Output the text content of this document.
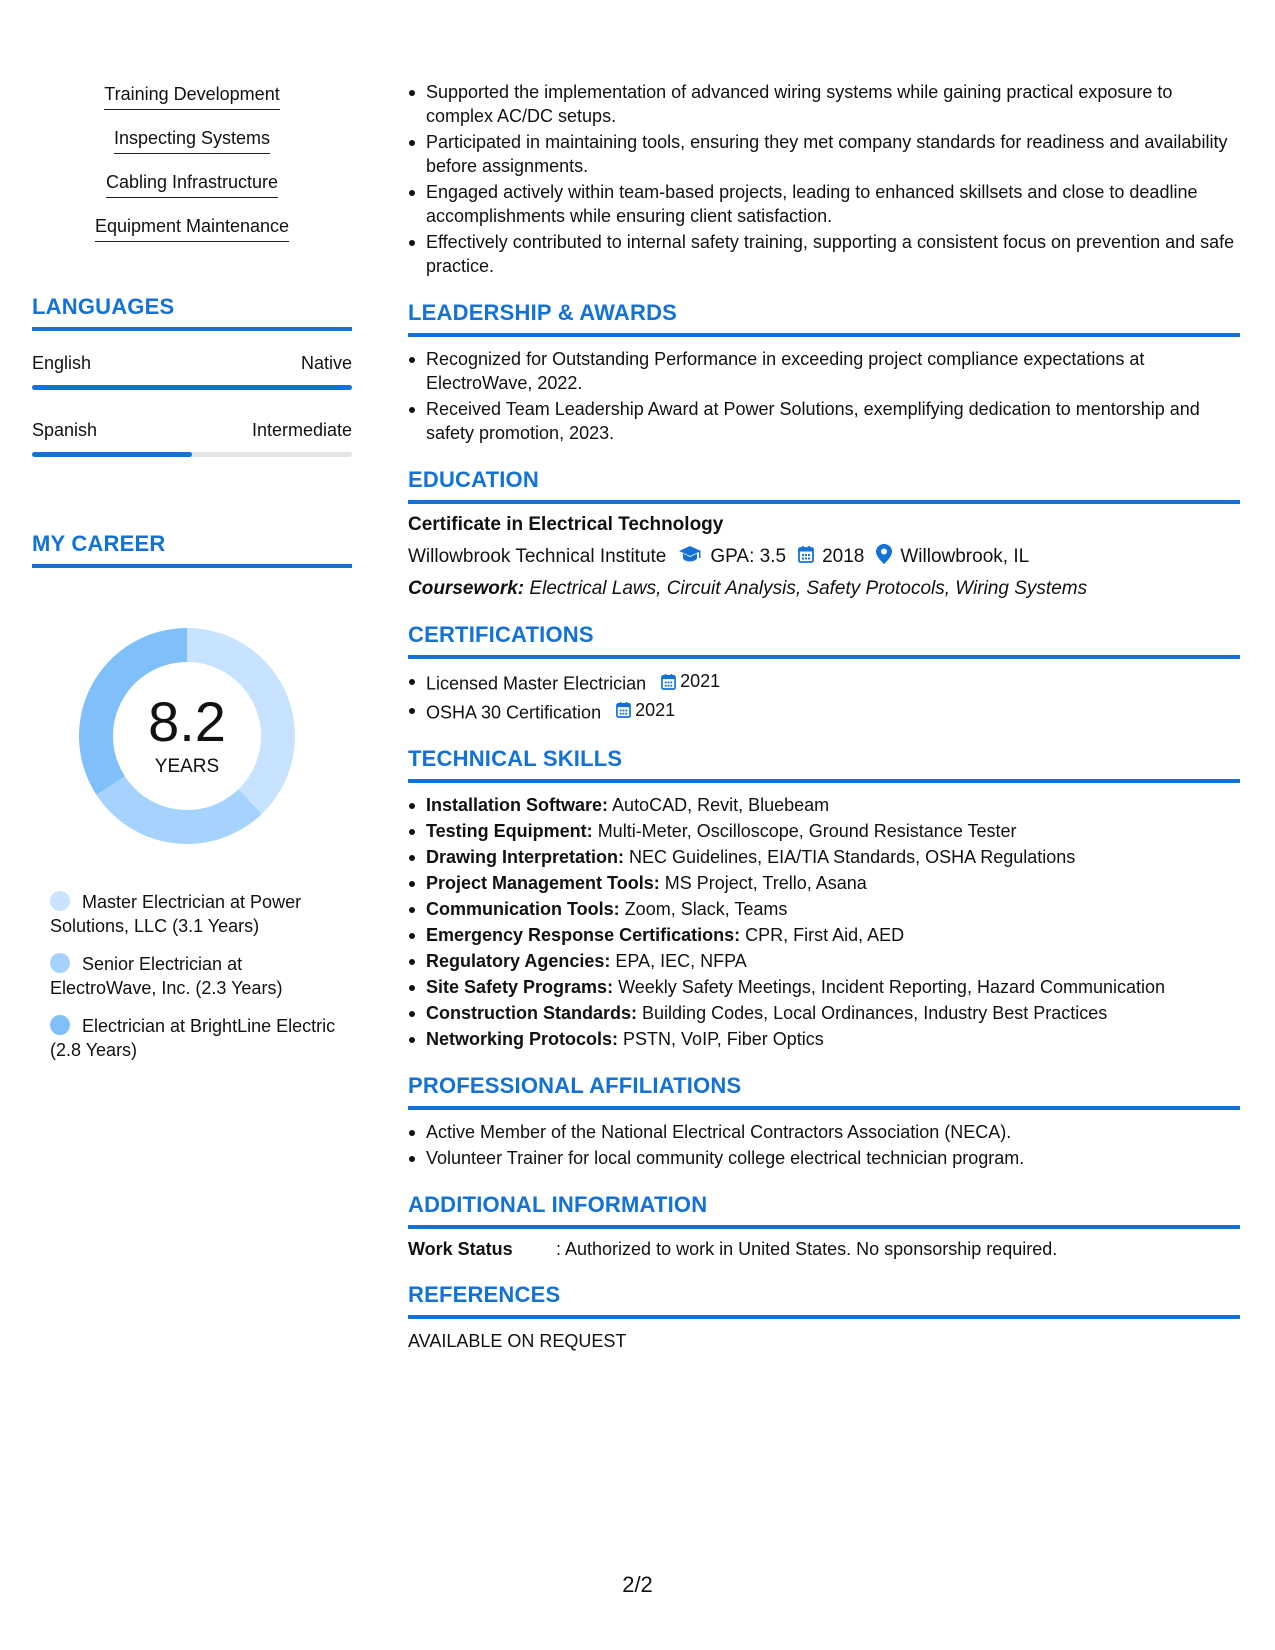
Training Development
Inspecting Systems
Cabling Infrastructure
Equipment Maintenance
LANGUAGES
English	Native
Spanish	Intermediate
MY CAREER
8.2
YEARS
Master Electrician at Power Solutions, LLC (3.1 Years)
Senior Electrician at ElectroWave, Inc. (2.3 Years)
Electrician at BrightLine Electric (2.8 Years)
Supported the implementation of advanced wiring systems while gaining practical exposure to complex AC/DC setups.
Participated in maintaining tools, ensuring they met company standards for readiness and availability before assignments.
Engaged actively within team-based projects, leading to enhanced skillsets and close to deadline accomplishments while ensuring client satisfaction.
Effectively contributed to internal safety training, supporting a consistent focus on prevention and safe practice.
LEADERSHIP & AWARDS
Recognized for Outstanding Performance in exceeding project compliance expectations at ElectroWave, 2022.
Received Team Leadership Award at Power Solutions, exemplifying dedication to mentorship and safety promotion, 2023.
EDUCATION
Certificate in Electrical Technology
Willowbrook Technical Institute GPA: 3.5 2018 Willowbrook, IL
Coursework: Electrical Laws, Circuit Analysis, Safety Protocols, Wiring Systems
CERTIFICATIONS
Licensed Master Electrician 2021
OSHA 30 Certification 2021
TECHNICAL SKILLS
Installation Software: AutoCAD, Revit, Bluebeam
Testing Equipment: Multi-Meter, Oscilloscope, Ground Resistance Tester
Drawing Interpretation: NEC Guidelines, EIA/TIA Standards, OSHA Regulations
Project Management Tools: MS Project, Trello, Asana
Communication Tools: Zoom, Slack, Teams
Emergency Response Certifications: CPR, First Aid, AED
Regulatory Agencies: EPA, IEC, NFPA
Site Safety Programs: Weekly Safety Meetings, Incident Reporting, Hazard Communication
Construction Standards: Building Codes, Local Ordinances, Industry Best Practices
Networking Protocols: PSTN, VoIP, Fiber Optics
PROFESSIONAL AFFILIATIONS
Active Member of the National Electrical Contractors Association (NECA).
Volunteer Trainer for local community college electrical technician program.
ADDITIONAL INFORMATION
Work Status	: Authorized to work in United States. No sponsorship required.
REFERENCES
AVAILABLE ON REQUEST
2/2
